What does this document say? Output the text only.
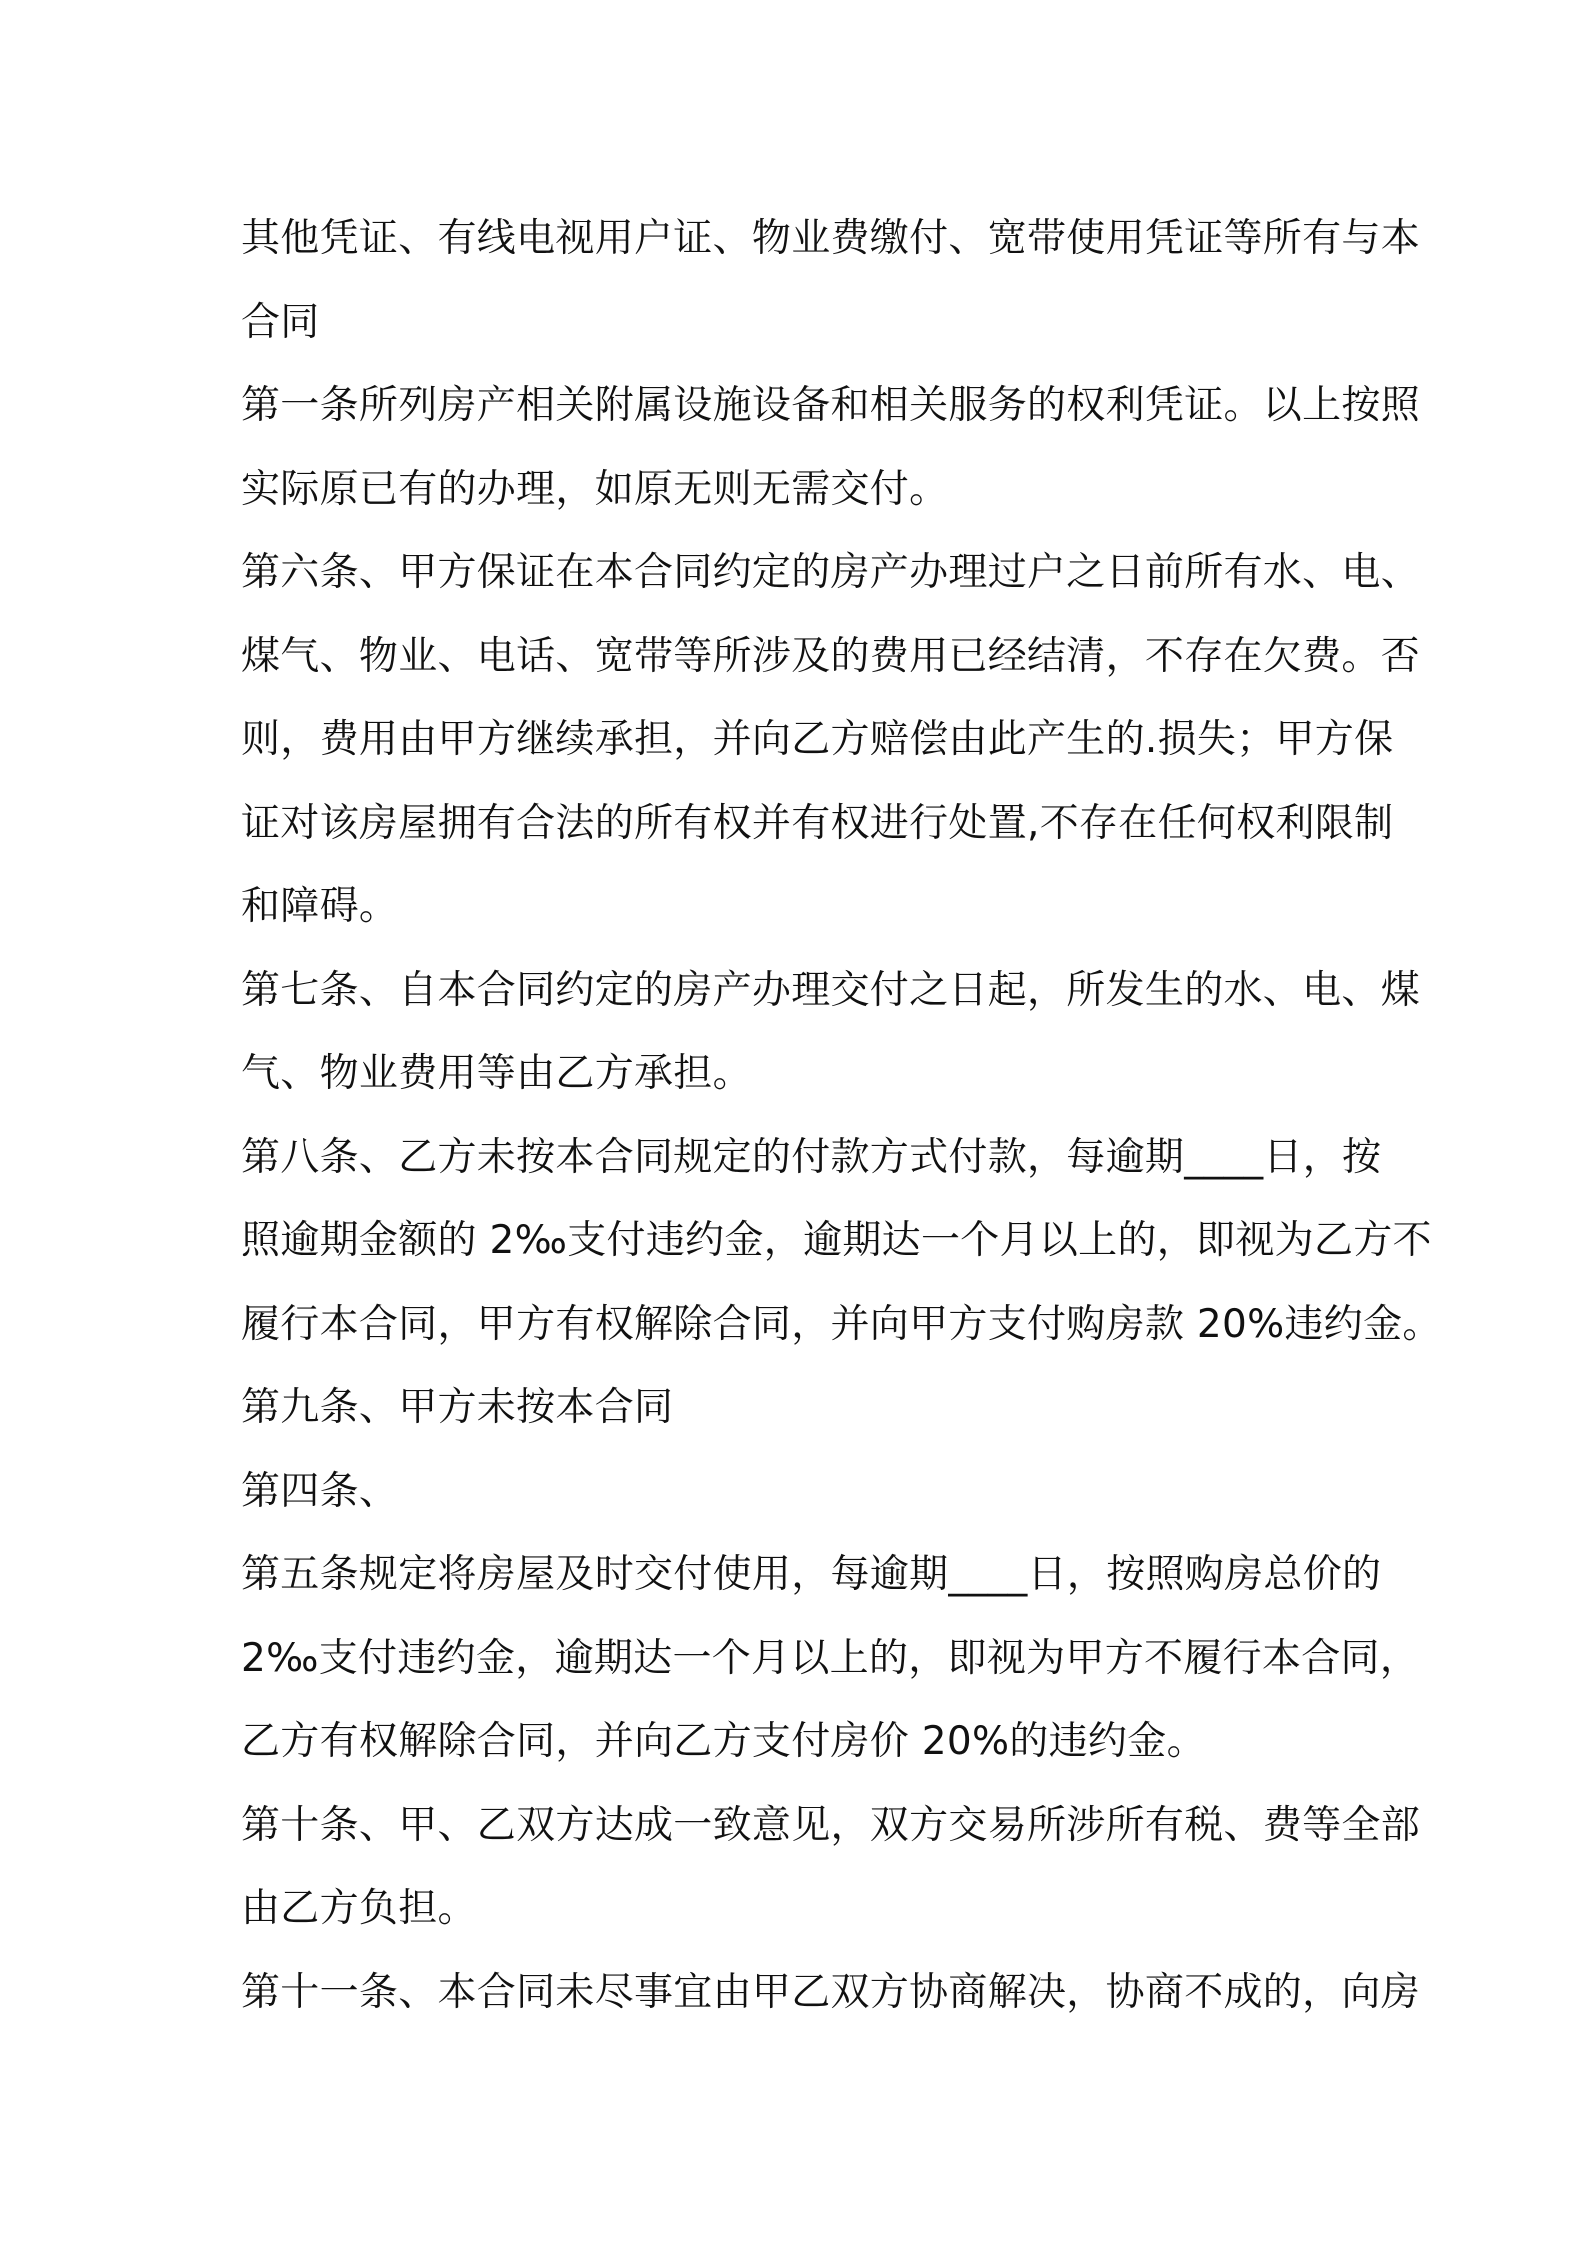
其他凭证、有线电视用户证、物业费缴付、宽带使用凭证等所有与本
合同
第一条所列房产相关附属设施设备和相关服务的权利凭证。以上按照
实际原已有的办理，如原无则无需交付。
第六条、甲方保证在本合同约定的房产办理过户之日前所有水、电、
煤气、物业、电话、宽带等所涉及的费用已经结清，不存在欠费。否
则，费用由甲方继续承担，并向乙方赔偿由此产生的.损失；甲方保
证对该房屋拥有合法的所有权并有权进行处置,不存在任何权利限制
和障碍。
第七条、自本合同约定的房产办理交付之日起，所发生的水、电、煤
气、物业费用等由乙方承担。
第八条、乙方未按本合同规定的付款方式付款，每逾期____日，按
照逾期金额的 2‰支付违约金，逾期达一个月以上的，即视为乙方不
履行本合同，甲方有权解除合同，并向甲方支付购房款 20%违约金。
第九条、甲方未按本合同
第四条、
第五条规定将房屋及时交付使用，每逾期____日，按照购房总价的
2‰支付违约金，逾期达一个月以上的，即视为甲方不履行本合同，
乙方有权解除合同，并向乙方支付房价 20%的违约金。
第十条、甲、乙双方达成一致意见，双方交易所涉所有税、费等全部
由乙方负担。
第十一条、本合同未尽事宜由甲乙双方协商解决，协商不成的，向房
